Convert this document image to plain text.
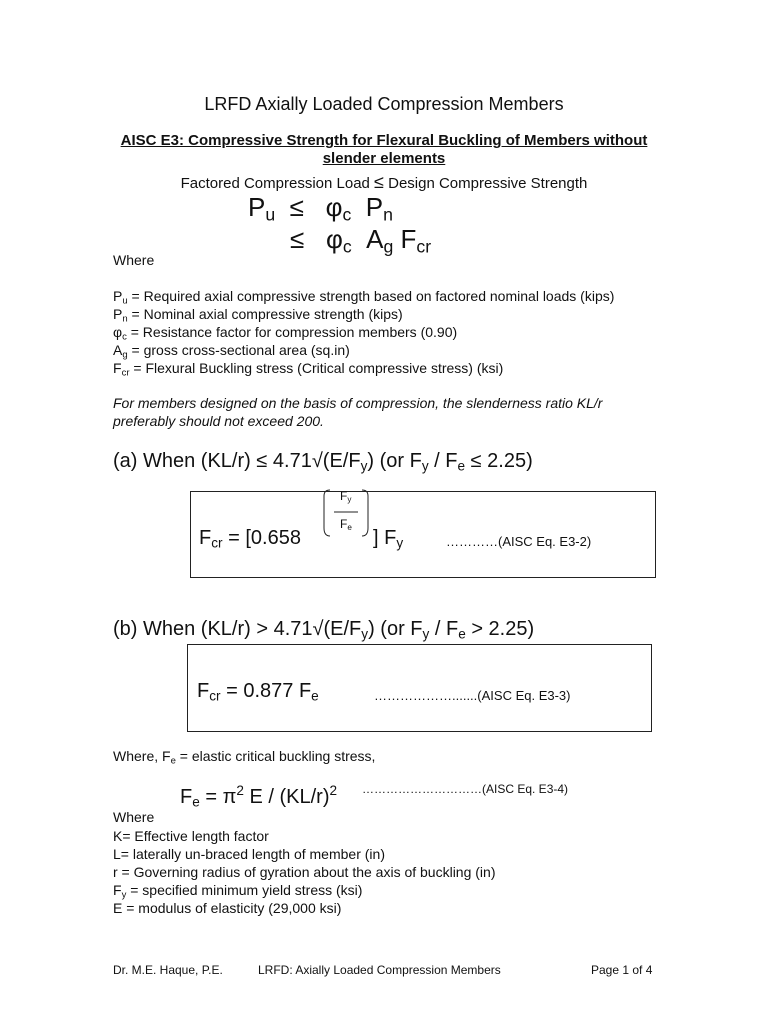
LRFD Axially Loaded Compression Members
AISC E3: Compressive Strength for Flexural Buckling of Members without
slender elements
Factored Compression Load ≤ Design Compressive Strength
$P_u \le \varphi_c$ $P_n$
≤ $\varphi_c$ $A_g$ $F_{cr}$
Where
$P_u$ = Required axial compressive strength based on factored nominal loads (kips)
$P_n$ = Nominal axial compressive strength (kips)
$\varphi_c$ = Resistance factor for compression members (0.90)
$A_g$ = gross cross-sectional area (sq.in)
$F_{cr}$ = Flexural Buckling stress (Critical compressive stress) (ksi)
For members designed on the basis of compression, the slenderness ratio KL/r
preferably should not exceed 200.
(a) When $(KL/r) \le 4.71√(E/F_y)$ (or $F_y / F_e \le 2.25$)
$F_{cr} = [0.658$
$F_y$
$F_e$ ] $F_y$	…………(AISC Eq. E3-2)
(b) When $(KL/r) > 4.71√(E/F_y)$ (or $F_y / F_e > 2.25$)
$F_{cr} = 0.877$ $F_e$	……………….......(AISC Eq. E3-3)
Where, $F_e$ = elastic critical buckling stress,
$F_e = \pi^2$ E / $(KL/r)^2$ …………………………(AISC Eq. E3-4)
Where
K= Effective length factor
L= laterally un-braced length of member (in)
r = Governing radius of gyration about the axis of buckling (in)
$F_y$ = specified minimum yield stress (ksi)
E = modulus of elasticity (29,000 ksi)
Dr. M.E. Haque, P.E.	LRFD: Axially Loaded Compression Members	Page 1 of 4
